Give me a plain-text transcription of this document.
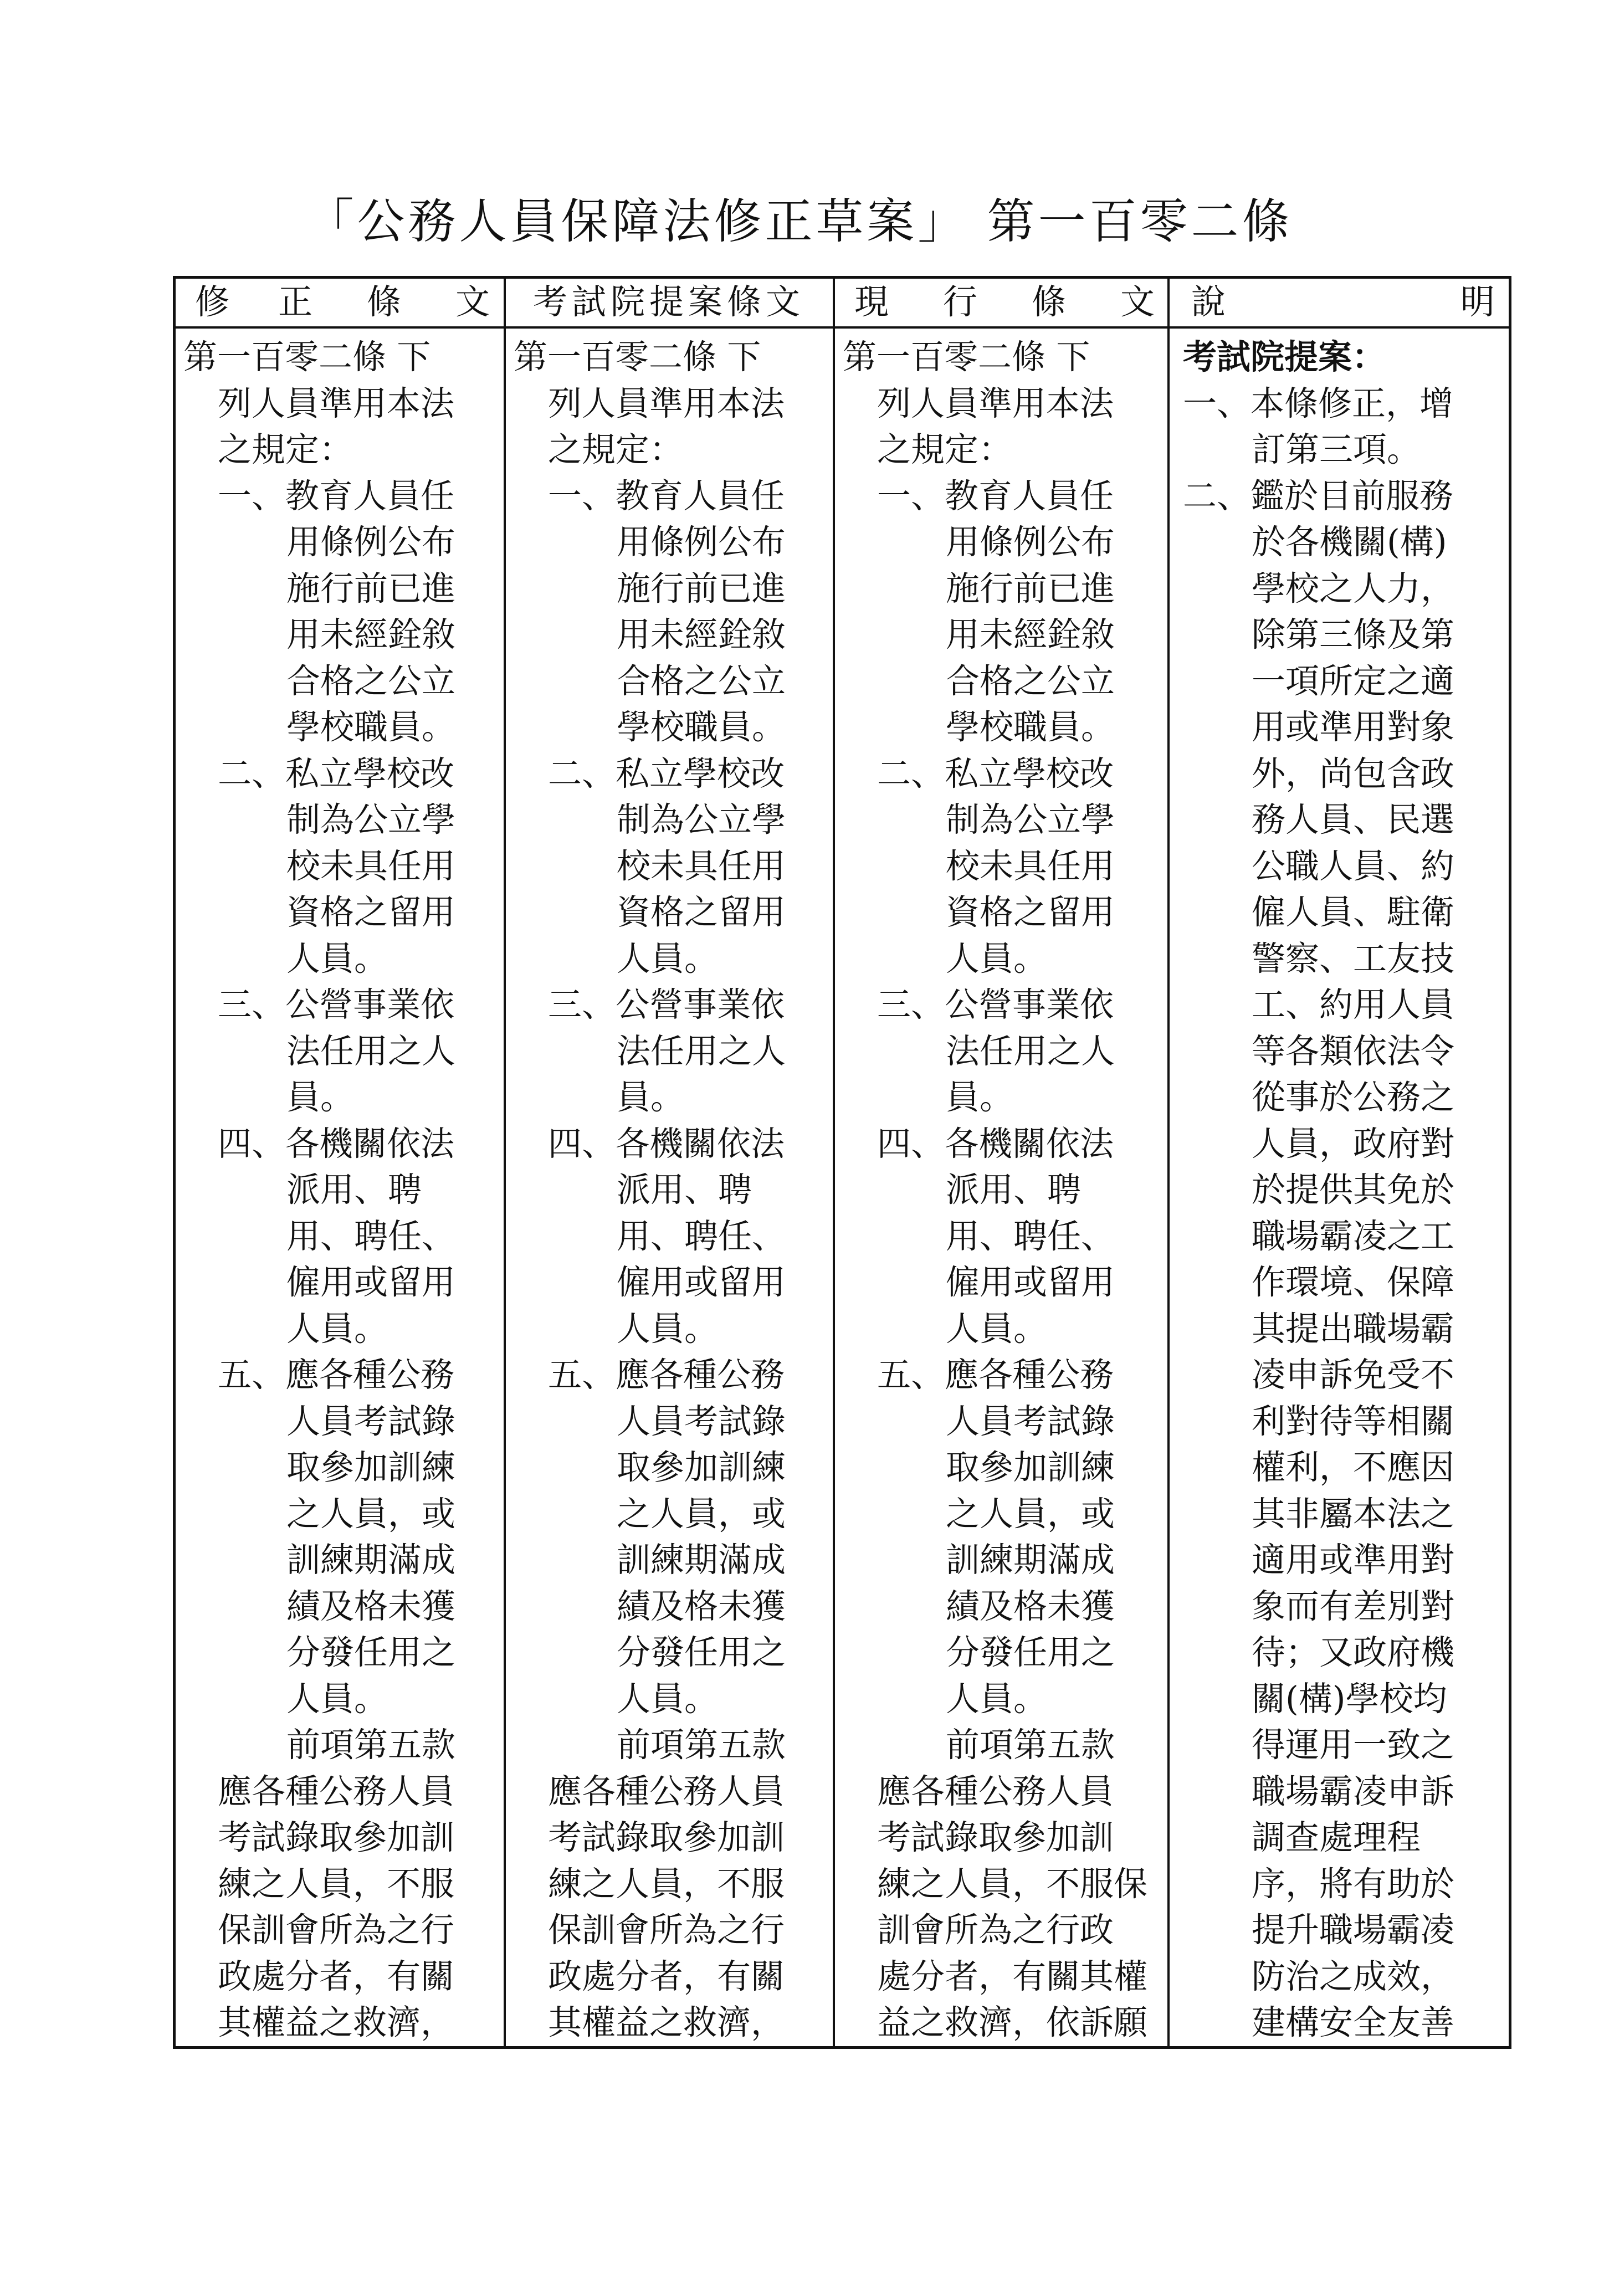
「公務人員保障法修正草案」 第一百零二條
修 正 條 文
第一百零二條 下
列人員準用本法
之規定：
一、教育人員任
用條例公布
施行前已進
用未經銓敘
合格之公立
學校職員。
二、私立學校改
制為公立學
校未具任用
資格之留用
人員。
三、公營事業依
法任用之人
員。
四、各機關依法
派用、聘
用、聘任、
僱用或留用
人員。
五、應各種公務
人員考試錄
取參加訓練
之人員，或
訓練期滿成
績及格未獲
分發任用之
人員。
前項第五款
應各種公務人員
考試錄取參加訓
練之人員，不服
保訓會所為之行
政處分者，有關
其權益之救濟，
考試院提案條文
第一百零二條 下
列人員準用本法
之規定：
一、教育人員任
用條例公布
施行前已進
用未經銓敘
合格之公立
學校職員。
二、私立學校改
制為公立學
校未具任用
資格之留用
人員。
三、公營事業依
法任用之人
員。
四、各機關依法
派用、聘
用、聘任、
僱用或留用
人員。
五、應各種公務
人員考試錄
取參加訓練
之人員，或
訓練期滿成
績及格未獲
分發任用之
人員。
前項第五款
應各種公務人員
考試錄取參加訓
練之人員，不服
保訓會所為之行
政處分者，有關
其權益之救濟，
現 行 條 文
第一百零二條 下
列人員準用本法
之規定：
一、教育人員任
用條例公布
施行前已進
用未經銓敘
合格之公立
學校職員。
二、私立學校改
制為公立學
校未具任用
資格之留用
人員。
三、公營事業依
法任用之人
員。
四、各機關依法
派用、聘
用、聘任、
僱用或留用
人員。
五、應各種公務
人員考試錄
取參加訓練
之人員，或
訓練期滿成
績及格未獲
分發任用之
人員。
前項第五款
應各種公務人員
考試錄取參加訓
練之人員，不服保
訓會所為之行政
處分者，有關其權
益之救濟，依訴願
說	明
考試院提案：
一、本條修正，增
訂第三項。
二、鑑於目前服務
於各機關(構)
學校之人力，
除第三條及第
一項所定之適
用或準用對象
外，尚包含政
務人員、民選
公職人員、約
僱人員、駐衛
警察、工友技
工、約用人員
等各類依法令
從事於公務之
人員，政府對
於提供其免於
職場霸凌之工
作環境、保障
其提出職場霸
凌申訴免受不
利對待等相關
權利，不應因
其非屬本法之
適用或準用對
象而有差別對
待；又政府機
關(構)學校均
得運用一致之
職場霸凌申訴
調查處理程
序，將有助於
提升職場霸凌
防治之成效，
建構安全友善
